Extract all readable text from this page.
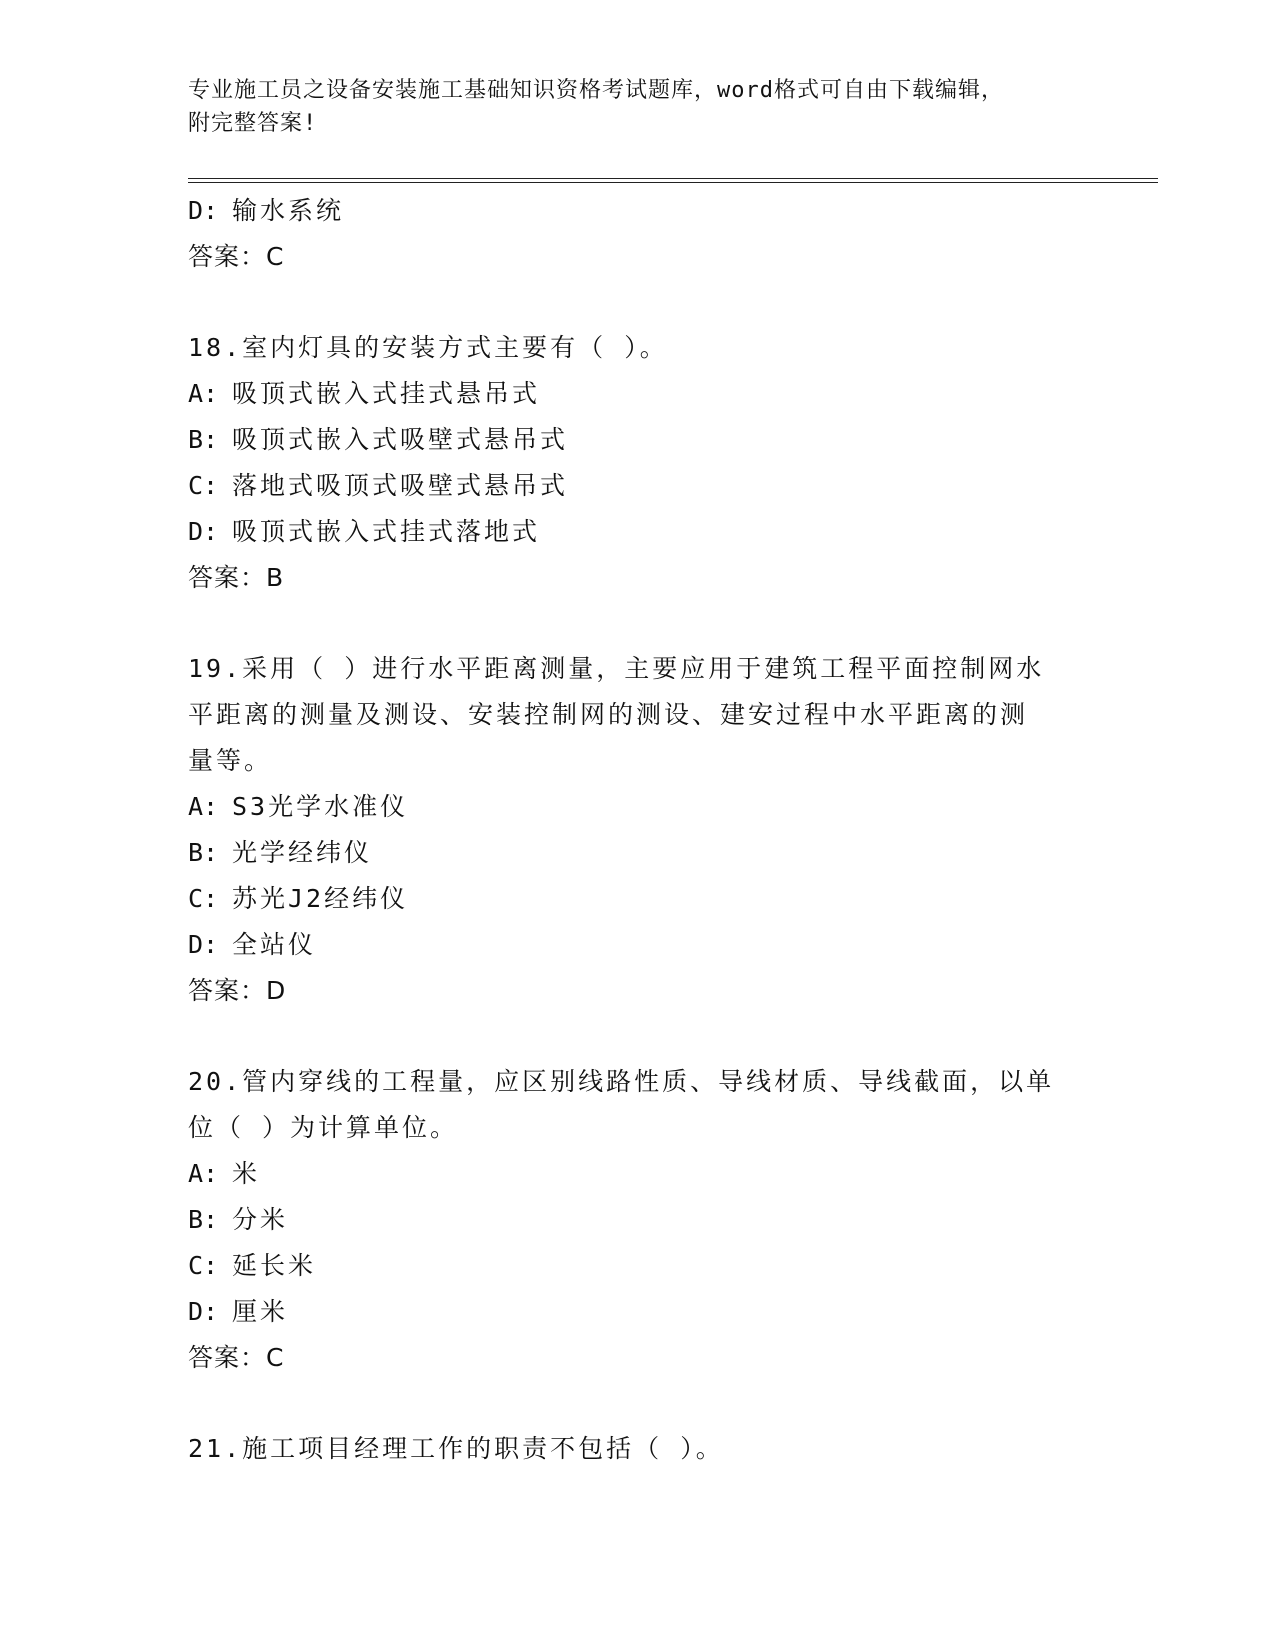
专业施工员之设备安装施工基础知识资格考试题库，word格式可自由下载编辑，
附完整答案!
D: 输水系统
答案：C
18.室内灯具的安装方式主要有（ ）。
A: 吸顶式嵌入式挂式悬吊式
B: 吸顶式嵌入式吸壁式悬吊式
C: 落地式吸顶式吸壁式悬吊式
D: 吸顶式嵌入式挂式落地式
答案：B
19.采用（ ）进行水平距离测量，主要应用于建筑工程平面控制网水
平距离的测量及测设、安装控制网的测设、建安过程中水平距离的测
量等。
A: S3光学水准仪
B: 光学经纬仪
C: 苏光J2经纬仪
D: 全站仪
答案：D
20.管内穿线的工程量，应区别线路性质、导线材质、导线截面，以单
位（ ）为计算单位。
A: 米
B: 分米
C: 延长米
D: 厘米
答案：C
21.施工项目经理工作的职责不包括（ ）。
